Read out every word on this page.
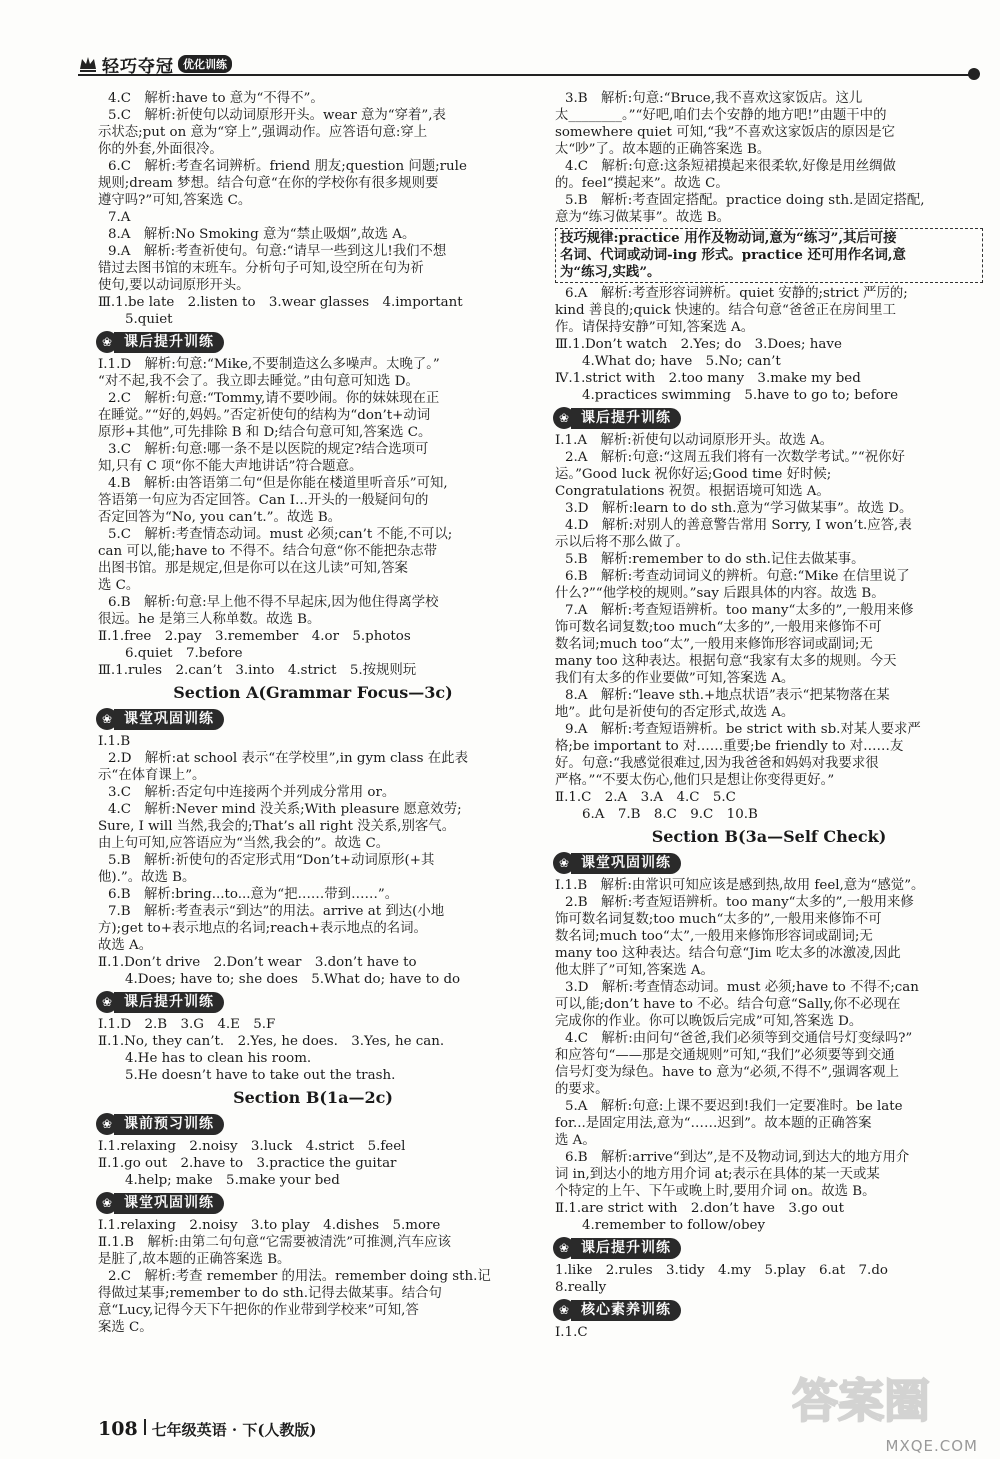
轻巧夺冠 优化训练
4.C　解析:have to 意为“不得不”。
5.C　解析:祈使句以动词原形开头。wear 意为“穿着”,表
示状态;put on 意为“穿上”,强调动作。应答语句意:穿上
你的外套,外面很冷。
6.C　解析:考查名词辨析。friend 朋友;question 问题;rule
规则;dream 梦想。结合句意“在你的学校你有很多规则要
遵守吗?”可知,答案选 C。
7.A
8.A　解析:No Smoking 意为“禁止吸烟”,故选 A。
9.A　解析:考查祈使句。句意:“请早一些到这儿!我们不想
错过去图书馆的末班车。分析句子可知,设空所在句为祈
使句,要以动词原形开头。
Ⅲ.1.be late　2.listen to　3.wear glasses　4.important
5.quiet
❀ 课后提升训练
Ⅰ.1.D　解析:句意:“Mike,不要制造这么多噪声。太晚了。”
“对不起,我不会了。我立即去睡觉。”由句意可知选 D。
2.C　解析:句意:“Tommy,请不要吵闹。你的妹妹现在正
在睡觉。”“好的,妈妈。”否定祈使句的结构为“don’t+动词
原形+其他”,可先排除 B 和 D;结合句意可知,答案选 C。
3.C　解析:句意:哪一条不是以医院的规定?结合选项可
知,只有 C 项“你不能大声地讲话”符合题意。
4.B　解析:由答语第二句“但是你能在楼道里听音乐”可知,
答语第一句应为否定回答。Can I...开头的一般疑问句的
否定回答为“No, you can’t.”。故选 B。
5.C　解析:考查情态动词。must 必须;can’t 不能,不可以;
can 可以,能;have to 不得不。结合句意“你不能把杂志带
出图书馆。那是规定,但是你可以在这儿读”可知,答案
选 C。
6.B　解析:句意:早上他不得不早起床,因为他住得离学校
很远。he 是第三人称单数。故选 B。
Ⅱ.1.free　2.pay　3.remember　4.or　5.photos
6.quiet　7.before
Ⅲ.1.rules　2.can’t　3.into　4.strict　5.按规则玩
Section A(Grammar Focus—3c)
❀ 课堂巩固训练
Ⅰ.1.B
2.D　解析:at school 表示“在学校里”,in gym class 在此表
示“在体育课上”。
3.C　解析:否定句中连接两个并列成分常用 or。
4.C　解析:Never mind 没关系;With pleasure 愿意效劳;
Sure, I will 当然,我会的;That’s all right 没关系,别客气。
由上句可知,应答语应为“当然,我会的”。故选 C。
5.B　解析:祈使句的否定形式用“Don’t+动词原形(+其
他).”。故选 B。
6.B　解析:bring...to...意为“把……带到……”。
7.B　解析:考查表示“到达”的用法。arrive at 到达(小地
方);get to+表示地点的名词;reach+表示地点的名词。
故选 A。
Ⅱ.1.Don’t drive　2.Don’t wear　3.don’t have to
4.Does; have to; she does　5.What do; have to do
❀ 课后提升训练
Ⅰ.1.D　2.B　3.G　4.E　5.F
Ⅱ.1.No, they can’t.　2.Yes, he does.　3.Yes, he can.
4.He has to clean his room.
5.He doesn’t have to take out the trash.
Section B(1a—2c)
❀ 课前预习训练
Ⅰ.1.relaxing　2.noisy　3.luck　4.strict　5.feel
Ⅱ.1.go out　2.have to　3.practice the guitar
4.help; make　5.make your bed
❀ 课堂巩固训练
Ⅰ.1.relaxing　2.noisy　3.to play　4.dishes　5.more
Ⅱ.1.B　解析:由第二句句意“它需要被清洗”可推测,汽车应该
是脏了,故本题的正确答案选 B。
2.C　解析:考查 remember 的用法。remember doing sth.记
得做过某事;remember to do sth.记得去做某事。结合句
意“Lucy,记得今天下午把你的作业带到学校来”可知,答
案选 C。
3.B　解析:句意:“Bruce,我不喜欢这家饭店。这儿
太________。”“好吧,咱们去个安静的地方吧!”由题干中的
somewhere quiet 可知,“我”不喜欢这家饭店的原因是它
太“吵”了。故本题的正确答案选 B。
4.C　解析:句意:这条短裙摸起来很柔软,好像是用丝绸做
的。feel“摸起来”。故选 C。
5.B　解析:考查固定搭配。practice doing sth.是固定搭配,
意为“练习做某事”。故选 B。
技巧规律:practice 用作及物动词,意为“练习”,其后可接
名词、代词或动词-ing 形式。practice 还可用作名词,意
为“练习,实践”。
6.A　解析:考查形容词辨析。quiet 安静的;strict 严厉的;
kind 善良的;quick 快速的。结合句意“爸爸正在房间里工
作。请保持安静”可知,答案选 A。
Ⅲ.1.Don’t watch　2.Yes; do　3.Does; have
4.What do; have　5.No; can’t
Ⅳ.1.strict with　2.too many　3.make my bed
4.practices swimming　5.have to go to; before
❀ 课后提升训练
Ⅰ.1.A　解析:祈使句以动词原形开头。故选 A。
2.A　解析:句意:“这周五我们将有一次数学考试。”“祝你好
运。”Good luck 祝你好运;Good time 好时候;
Congratulations 祝贺。根据语境可知选 A。
3.D　解析:learn to do sth.意为“学习做某事”。故选 D。
4.D　解析:对别人的善意警告常用 Sorry, I won’t.应答,表
示以后将不那么做了。
5.B　解析:remember to do sth.记住去做某事。
6.B　解析:考查动词词义的辨析。句意:“Mike 在信里说了
什么?”“他学校的规则。”say 后跟具体的内容。故选 B。
7.A　解析:考查短语辨析。too many“太多的”,一般用来修
饰可数名词复数;too much“太多的”,一般用来修饰不可
数名词;much too“太”,一般用来修饰形容词或副词;无
many too 这种表达。根据句意“我家有太多的规则。今天
我们有太多的作业要做”可知,答案选 A。
8.A　解析:“leave sth.+地点状语”表示“把某物落在某
地”。此句是祈使句的否定形式,故选 A。
9.A　解析:考查短语辨析。be strict with sb.对某人要求严
格;be important to 对……重要;be friendly to 对……友
好。句意:“我感觉很难过,因为我爸爸和妈妈对我要求很
严格。”“不要太伤心,他们只是想让你变得更好。”
Ⅱ.1.C　2.A　3.A　4.C　5.C
6.A　7.B　8.C　9.C　10.B
Section B(3a—Self Check)
❀ 课堂巩固训练
Ⅰ.1.B　解析:由常识可知应该是感到热,故用 feel,意为“感觉”。
2.B　解析:考查短语辨析。too many“太多的”,一般用来修
饰可数名词复数;too much“太多的”,一般用来修饰不可
数名词;much too“太”,一般用来修饰形容词或副词;无
many too 这种表达。结合句意“Jim 吃太多的冰激凌,因此
他太胖了”可知,答案选 A。
3.D　解析:考查情态动词。must 必须;have to 不得不;can
可以,能;don’t have to 不必。结合句意“Sally,你不必现在
完成你的作业。你可以晚饭后完成”可知,答案选 D。
4.C　解析:由问句“爸爸,我们必须等到交通信号灯变绿吗?”
和应答句“——那是交通规则”可知,“我们”必须要等到交通
信号灯变为绿色。have to 意为“必须,不得不”,强调客观上
的要求。
5.A　解析:句意:上课不要迟到!我们一定要准时。be late
for...是固定用法,意为“……迟到”。故本题的正确答案
选 A。
6.B　解析:arrive“到达”,是不及物动词,到达大的地方用介
词 in,到达小的地方用介词 at;表示在具体的某一天或某
个特定的上午、下午或晚上时,要用介词 on。故选 B。
Ⅱ.1.are strict with　2.don’t have　3.go out
4.remember to follow/obey
❀ 课后提升训练
1.like　2.rules　3.tidy　4.my　5.play　6.at　7.do
8.really
❀ 核心素养训练
Ⅰ.1.C
108 七年级英语 · 下(人教版)
答案圈
MXQE.COM
